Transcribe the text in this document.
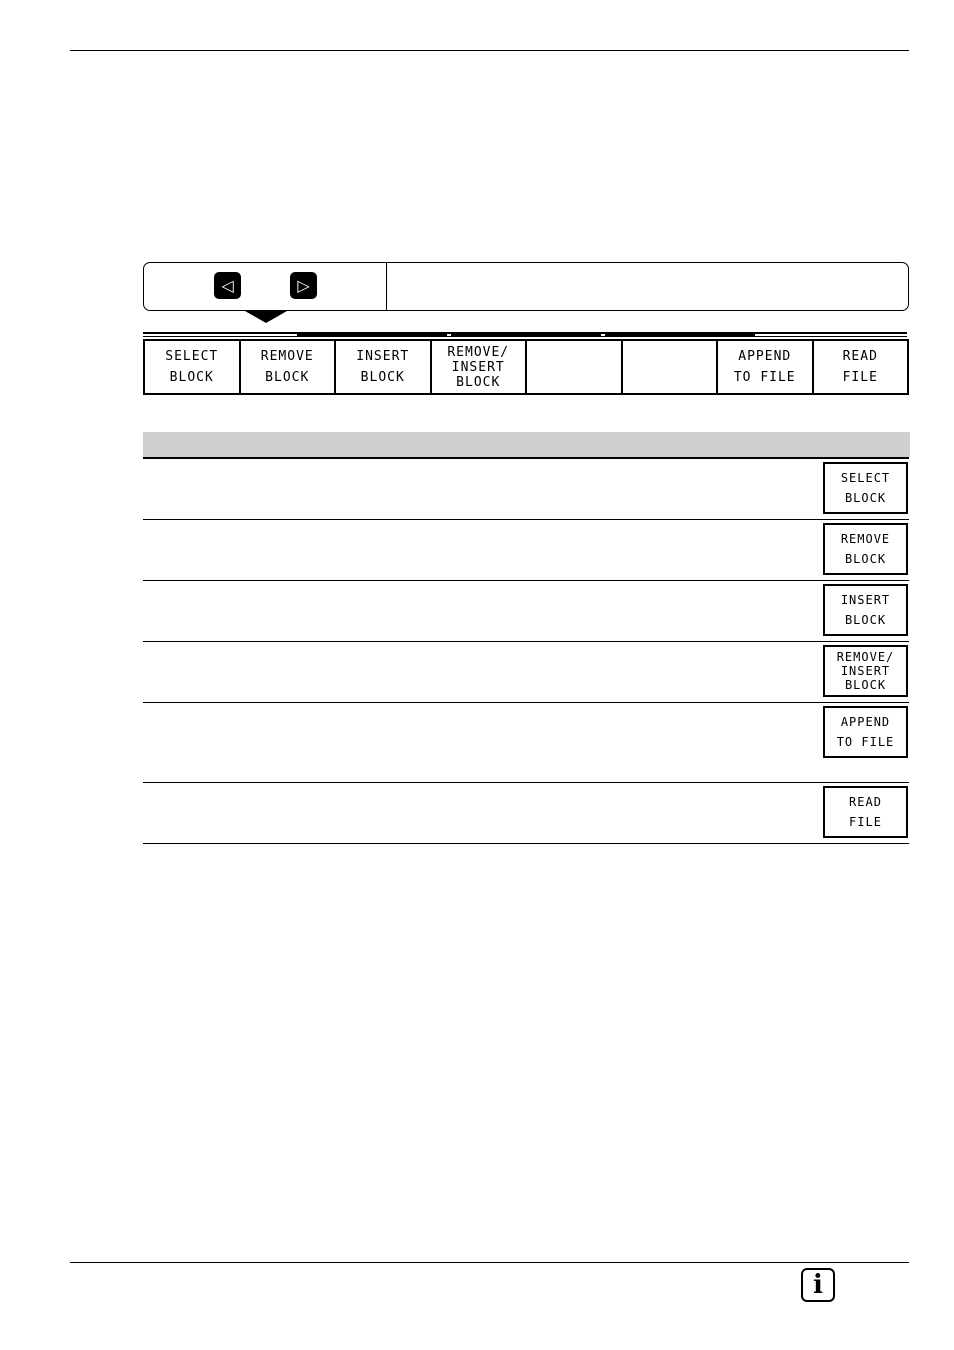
◁	▷
SELECT
BLOCK
REMOVE
BLOCK
INSERT
BLOCK
REMOVE/
INSERT
BLOCK
APPEND
TO FILE
READ
FILE
SELECT
BLOCK
REMOVE
BLOCK
INSERT
BLOCK
REMOVE/
INSERT
BLOCK
APPEND
TO FILE
READ
FILE
i
